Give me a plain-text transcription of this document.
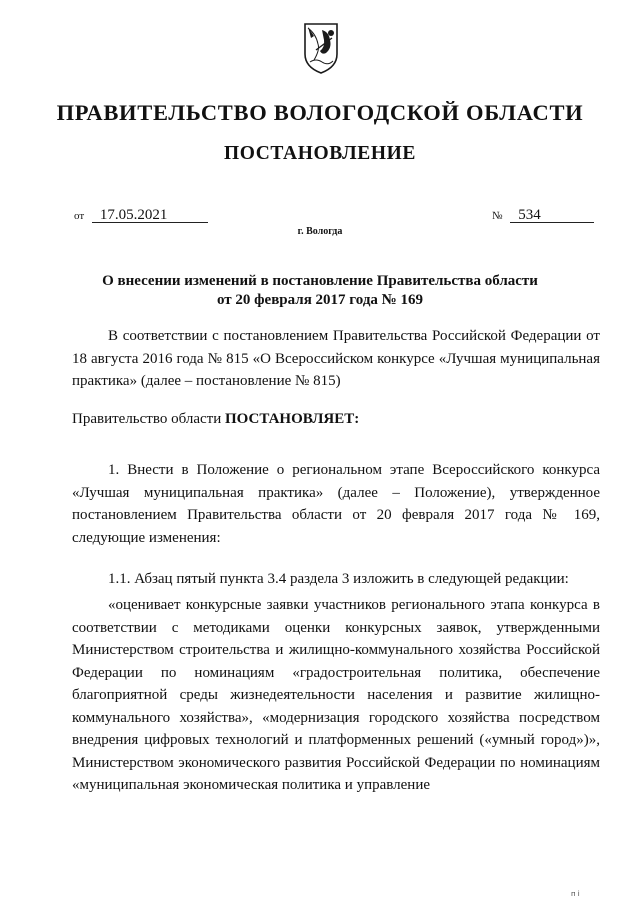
ПРАВИТЕЛЬСТВО ВОЛОГОДСКОЙ ОБЛАСТИ
ПОСТАНОВЛЕНИЕ
от 17.05.2021	№ 534
г. Вологда
О внесении изменений в постановление Правительства области
от 20 февраля 2017 года № 169

В соответствии с постановлением Правительства Российской Федерации от 18 августа 2016 года № 815 «О Всероссийском конкурсе «Лучшая муниципальная практика» (далее – постановление № 815)

Правительство области ПОСТАНОВЛЯЕТ:

1. Внести в Положение о региональном этапе Всероссийского конкурса «Лучшая муниципальная практика» (далее – Положение), утвержденное постановлением Правительства области от 20 февраля 2017 года № 169, следующие изменения:

1.1. Абзац пятый пункта 3.4 раздела 3 изложить в следующей редакции:

«оценивает конкурсные заявки участников регионального этапа конкурса в соответствии с методиками оценки конкурсных заявок, утвержденными Министерством строительства и жилищно-коммунального хозяйства Российской Федерации по номинациям «градостроительная политика, обеспечение благоприятной среды жизнедеятельности населения и развитие жилищно-коммунального хозяйства», «модернизация городского хозяйства посредством внедрения цифровых технологий и платформенных решений («умный город»)», Министерством экономического развития Российской Федерации по номинациям «муниципальная экономическая политика и управление

п і
